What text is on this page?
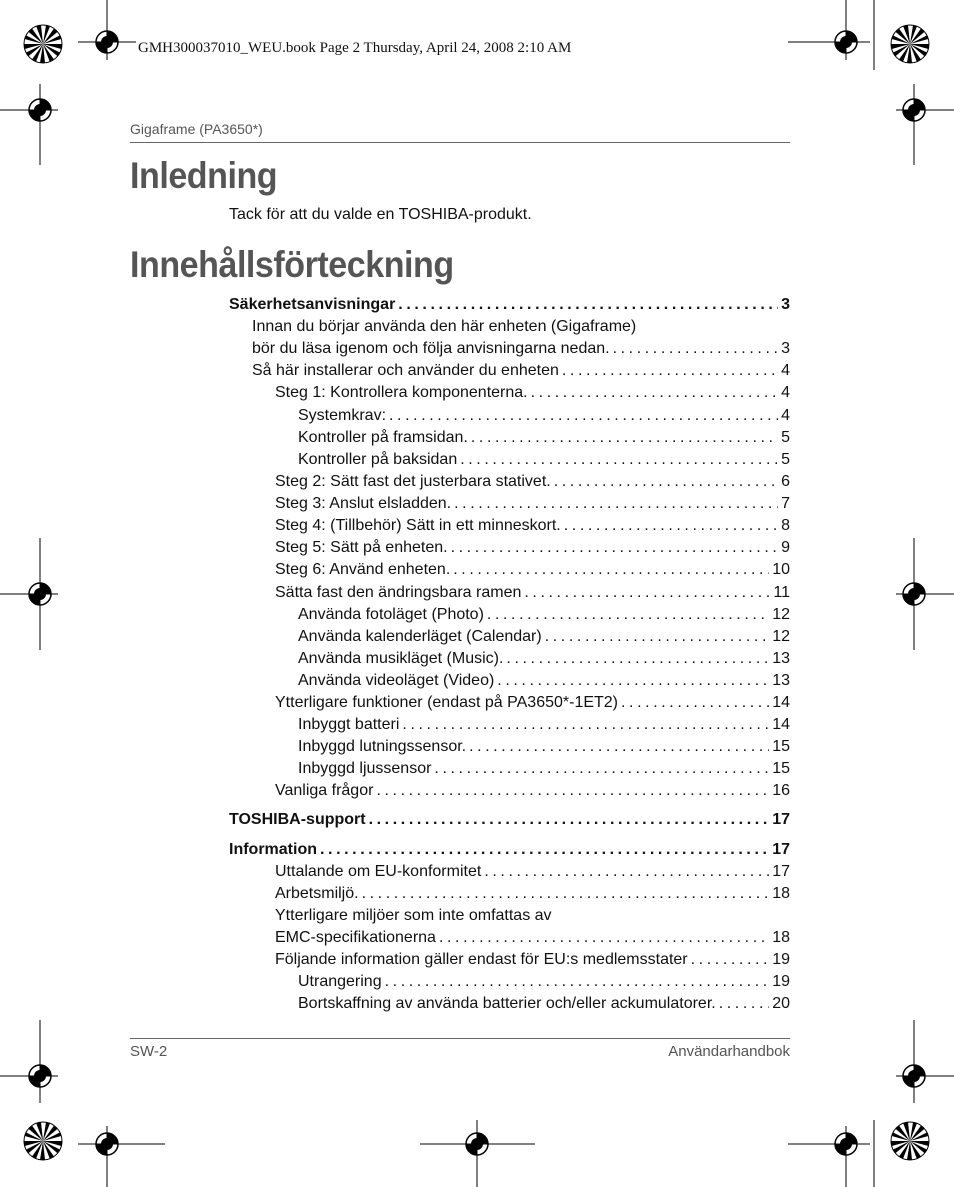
GMH300037010_WEU.book Page 2 Thursday, April 24, 2008 2:10 AM
Gigaframe (PA3650*)
Inledning
Tack för att du valde en TOSHIBA-produkt.
Innehållsförteckning
Säkerhetsanvisningar .....	3
Innan du börjar använda den här enheten (Gigaframe)
bör du läsa igenom och följa anvisningarna nedan. .....	3
Så här installerar och använder du enheten .....	4
Steg 1: Kontrollera komponenterna. .....	4
Systemkrav: .....	4
Kontroller på framsidan. .....	5
Kontroller på baksidan .....	5
Steg 2: Sätt fast det justerbara stativet. .....	6
Steg 3: Anslut elsladden. .....	7
Steg 4: (Tillbehör) Sätt in ett minneskort. .....	8
Steg 5: Sätt på enheten. .....	9
Steg 6: Använd enheten. .....	10
Sätta fast den ändringsbara ramen .....	11
Använda fotoläget (Photo) .....	12
Använda kalenderläget (Calendar) .....	12
Använda musikläget (Music). .....	13
Använda videoläget (Video) .....	13
Ytterligare funktioner (endast på PA3650*-1ET2) .....	14
Inbyggt batteri .....	14
Inbyggd lutningssensor. .....	15
Inbyggd ljussensor .....	15
Vanliga frågor .....	16
TOSHIBA-support .....	17
Information .....	17
Uttalande om EU-konformitet .....	17
Arbetsmiljö. .....	18
Ytterligare miljöer som inte omfattas av
EMC-specifikationerna .....	18
Följande information gäller endast för EU:s medlemsstater .....	19
Utrangering .....	19
Bortskaffning av använda batterier och/eller ackumulatorer. .....	20
SW-2	Användarhandbok
